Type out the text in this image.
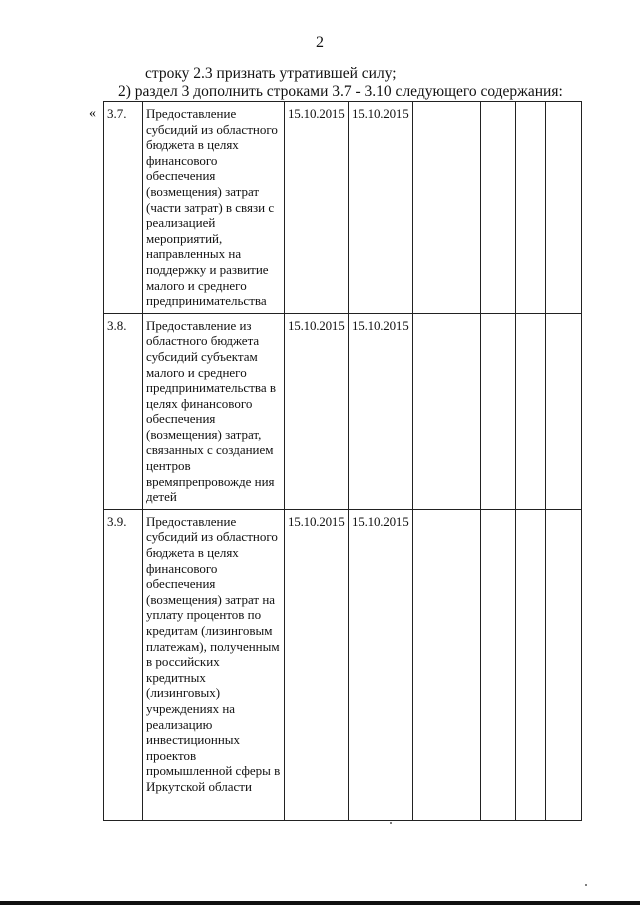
2
строку 2.3 признать утратившей силу;
2) раздел 3 дополнить строками 3.7 - 3.10 следующего содержания:
« 3.7.	Предоставление субсидий из областного бюджета в целях финансового обеспечения (возмещения) затрат (части затрат) в связи с реализацией мероприятий, направленных на поддержку и развитие малого и среднего предпринимательства	15.10.2015	15.10.2015				
3.8.	Предоставление из областного бюджета субсидий субъектам малого и среднего предпринимательства в целях финансового обеспечения (возмещения) затрат, связанных с созданием центров времяпрепровожде ния детей	15.10.2015	15.10.2015				
3.9.	Предоставление субсидий из областного бюджета в целях финансового обеспечения (возмещения) затрат на уплату процентов по кредитам (лизинговым платежам), полученным в российских кредитных (лизинговых) учреждениях на реализацию инвестиционных проектов промышленной сферы в Иркутской области	15.10.2015	15.10.2015				
